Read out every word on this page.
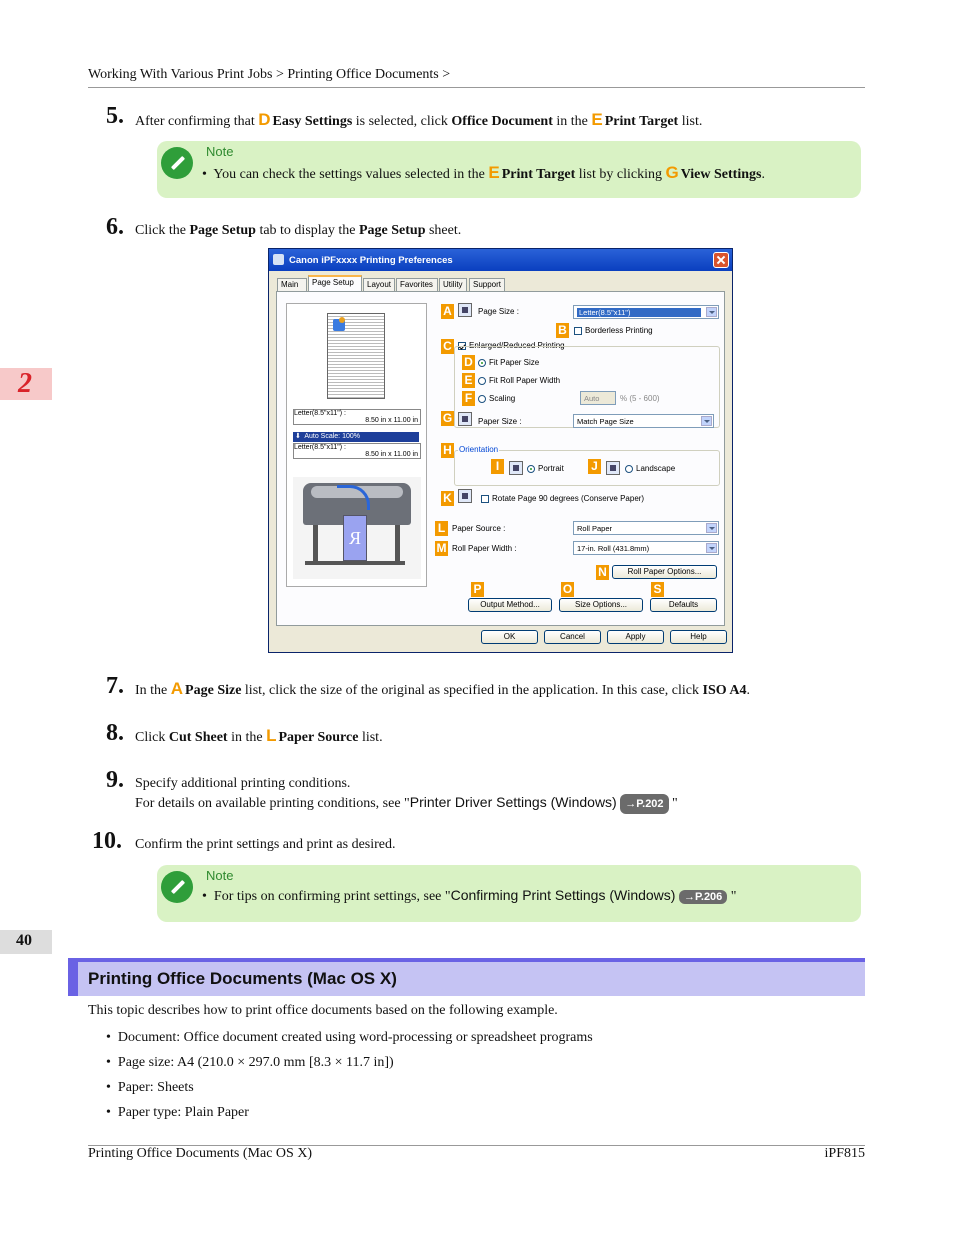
Working With Various Print Jobs > Printing Office Documents >
2
40
5. After confirming that D Easy Settings is selected, click Office Document in the E Print Target list.
Note
•  You can check the settings values selected in the E Print Target list by clicking G View Settings.
6. Click the Page Setup tab to display the Page Setup sheet.
Canon iPFxxxx Printing Preferences
Main	Page Setup	Layout	Favorites	Utility	Support
Letter(8.5"x11") :
8.50 in x 11.00 in
⬇  Auto Scale: 100%
Letter(8.5"x11") :
8.50 in x 11.00 in
R
A
B
C
D
E
F
G
H
I	J
K
L
M
N
P	O	S
Page Size :	Letter(8.5"x11")
Borderless Printing
Enlarged/Reduced Printing
Fit Paper Size
Fit Roll Paper Width
Scaling	Auto	% (5 - 600)
Paper Size :	Match Page Size
Orientation
Portrait	Landscape
Rotate Page 90 degrees (Conserve Paper)
Paper Source :	Roll Paper
Roll Paper Width :	17-in. Roll (431.8mm)
Roll Paper Options...
Output Method...	Size Options...	Defaults
OK	Cancel	Apply	Help
7. In the A Page Size list, click the size of the original as specified in the application. In this case, click ISO A4.
8. Click Cut Sheet in the L Paper Source list.
9. Specify additional printing conditions.
For details on available printing conditions, see "Printer Driver Settings (Windows) →P.202 "
10. Confirm the print settings and print as desired.
Note
•  For tips on confirming print settings, see "Confirming Print Settings (Windows) →P.206 "
Printing Office Documents (Mac OS X)
This topic describes how to print office documents based on the following example.
•  Document: Office document created using word-processing or spreadsheet programs
•  Page size: A4 (210.0 × 297.0 mm [8.3 × 11.7 in])
•  Paper: Sheets
•  Paper type: Plain Paper
Printing Office Documents (Mac OS X)	iPF815
